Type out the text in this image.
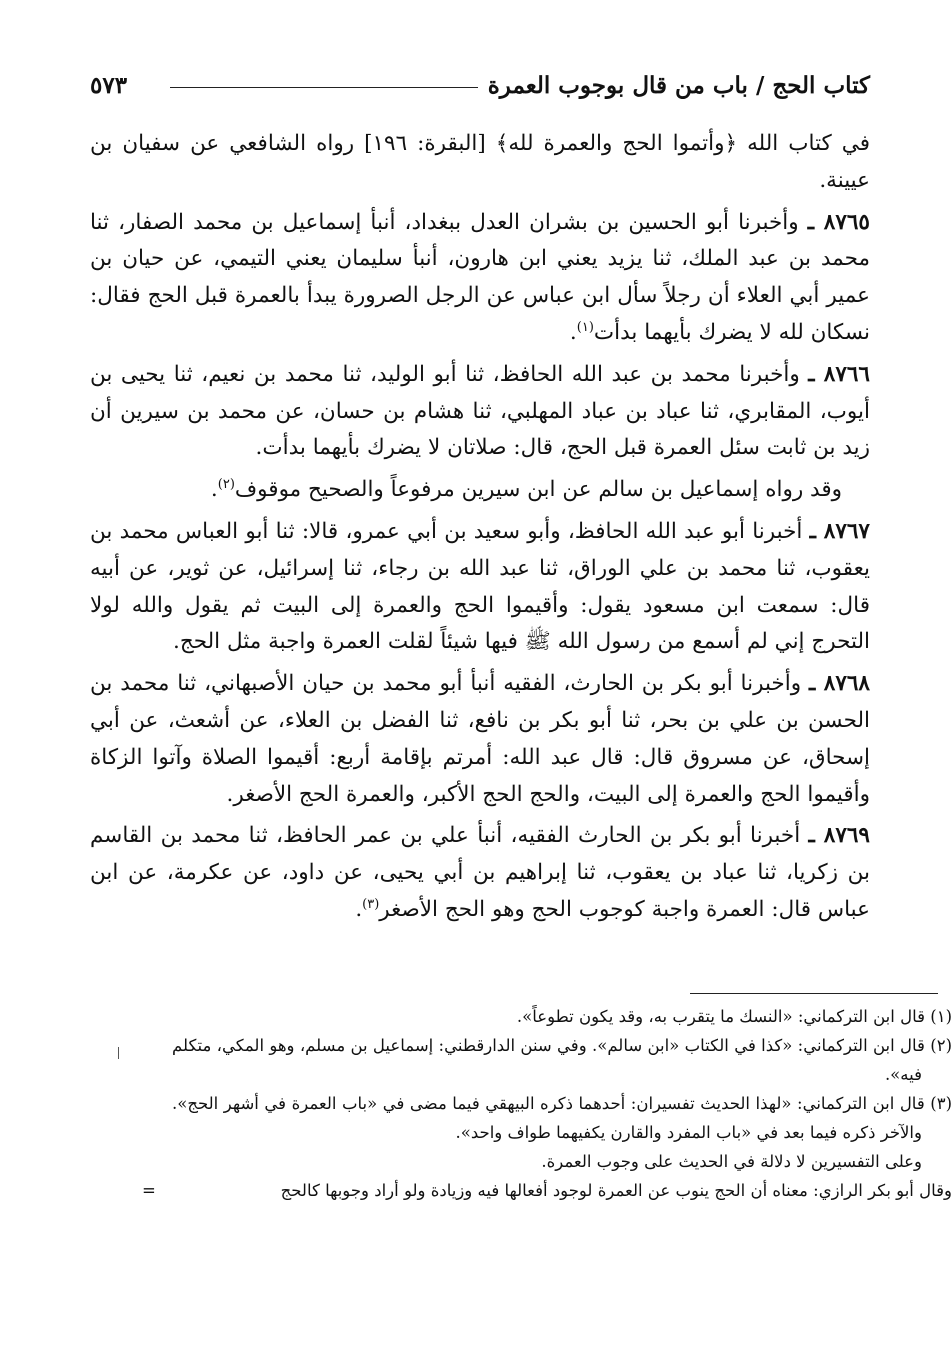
كتاب الحج / باب من قال بوجوب العمرة
٥٧٣

في كتاب الله ﴿وأتموا الحج والعمرة لله﴾ [البقرة: ١٩٦] رواه الشافعي عن سفيان بن عيينة.

٨٧٦٥ ـ وأخبرنا أبو الحسين بن بشران العدل ببغداد، أنبأ إسماعيل بن محمد الصفار، ثنا محمد بن عبد الملك، ثنا يزيد يعني ابن هارون، أنبأ سليمان يعني التيمي، عن حيان بن عمير أبي العلاء أن رجلاً سأل ابن عباس عن الرجل الصرورة يبدأ بالعمرة قبل الحج فقال: نسكان لله لا يضرك بأيهما بدأت$^{(١)}$.

٨٧٦٦ ـ وأخبرنا محمد بن عبد الله الحافظ، ثنا أبو الوليد، ثنا محمد بن نعيم، ثنا يحيى بن أيوب، المقابري، ثنا عباد بن عباد المهلبي، ثنا هشام بن حسان، عن محمد بن سيرين أن زيد بن ثابت سئل العمرة قبل الحج، قال: صلاتان لا يضرك بأيهما بدأت.

وقد رواه إسماعيل بن سالم عن ابن سيرين مرفوعاً والصحيح موقوف$^{(٢)}$.

٨٧٦٧ ـ أخبرنا أبو عبد الله الحافظ، وأبو سعيد بن أبي عمرو، قالا: ثنا أبو العباس محمد بن يعقوب، ثنا محمد بن علي الوراق، ثنا عبد الله بن رجاء، ثنا إسرائيل، عن ثوير، عن أبيه قال: سمعت ابن مسعود يقول: وأقيموا الحج والعمرة إلى البيت ثم يقول والله لولا التحرج إني لم أسمع من رسول الله ﷺ فيها شيئاً لقلت العمرة واجبة مثل الحج.

٨٧٦٨ ـ وأخبرنا أبو بكر بن الحارث، الفقيه أنبأ أبو محمد بن حيان الأصبهاني، ثنا محمد بن الحسن بن علي بن بحر، ثنا أبو بكر بن نافع، ثنا الفضل بن العلاء، عن أشعث، عن أبي إسحاق، عن مسروق قال: قال عبد الله: أمرتم بإقامة أربع: أقيموا الصلاة وآتوا الزكاة وأقيموا الحج والعمرة إلى البيت، والحج الحج الأكبر، والعمرة الحج الأصغر.

٨٧٦٩ ـ أخبرنا أبو بكر بن الحارث الفقيه، أنبأ علي بن عمر الحافظ، ثنا محمد بن القاسم بن زكريا، ثنا عباد بن يعقوب، ثنا إبراهيم بن أبي يحيى، عن داود، عن عكرمة، عن ابن عباس قال: العمرة واجبة كوجوب الحج وهو الحج الأصغر$^{(٣)}$.

(١) قال ابن التركماني: «النسك ما يتقرب به، وقد يكون تطوعاً».

(٢) قال ابن التركماني: «كذا في الكتاب «ابن سالم». وفي سنن الدارقطني: إسماعيل بن مسلم، وهو المكي، متكلم فيه».

(٣) قال ابن التركماني: «لهذا الحديث تفسيران: أحدهما ذكره البيهقي فيما مضى في «باب العمرة في أشهر الحج». والآخر ذكره فيما بعد في «باب المفرد والقارن يكفيهما طواف واحد».

وعلى التفسيرين لا دلالة في الحديث على وجوب العمرة.

وقال أبو بكر الرازي: معناه أن الحج ينوب عن العمرة لوجود أفعالها فيه وزيادة ولو أراد وجوبها كالحج
=
